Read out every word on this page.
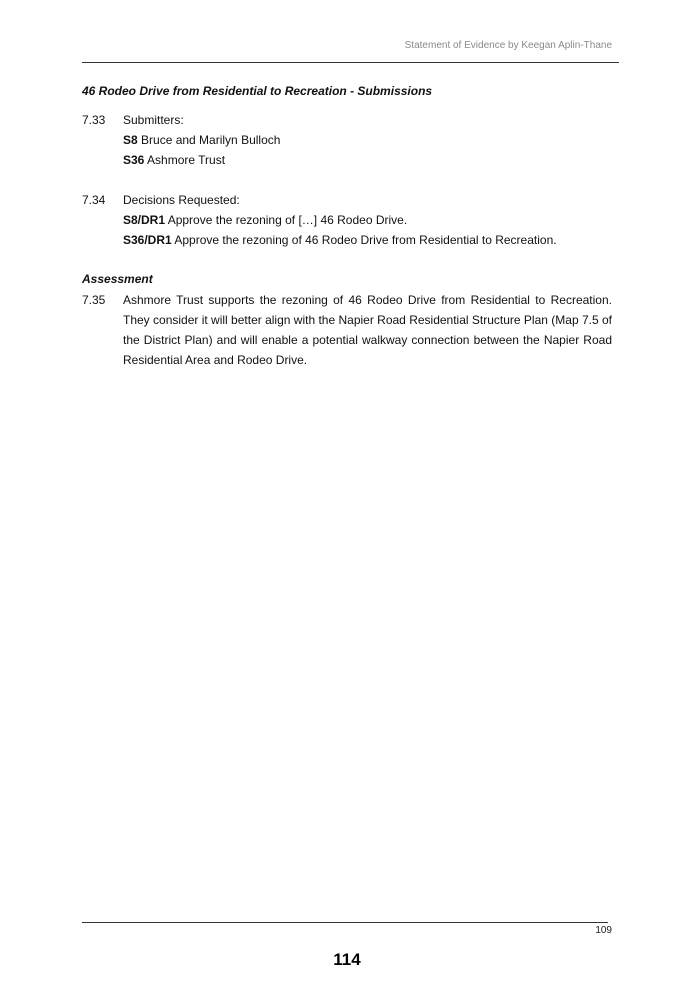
Statement of Evidence by Keegan Aplin-Thane
46 Rodeo Drive from Residential to Recreation - Submissions
7.33	Submitters:
S8 Bruce and Marilyn Bulloch
S36 Ashmore Trust
7.34	Decisions Requested:
S8/DR1 Approve the rezoning of […] 46 Rodeo Drive.
S36/DR1 Approve the rezoning of 46 Rodeo Drive from Residential to Recreation.
Assessment
7.35	Ashmore Trust supports the rezoning of 46 Rodeo Drive from Residential to Recreation. They consider it will better align with the Napier Road Residential Structure Plan (Map 7.5 of the District Plan) and will enable a potential walkway connection between the Napier Road Residential Area and Rodeo Drive.
109
114
